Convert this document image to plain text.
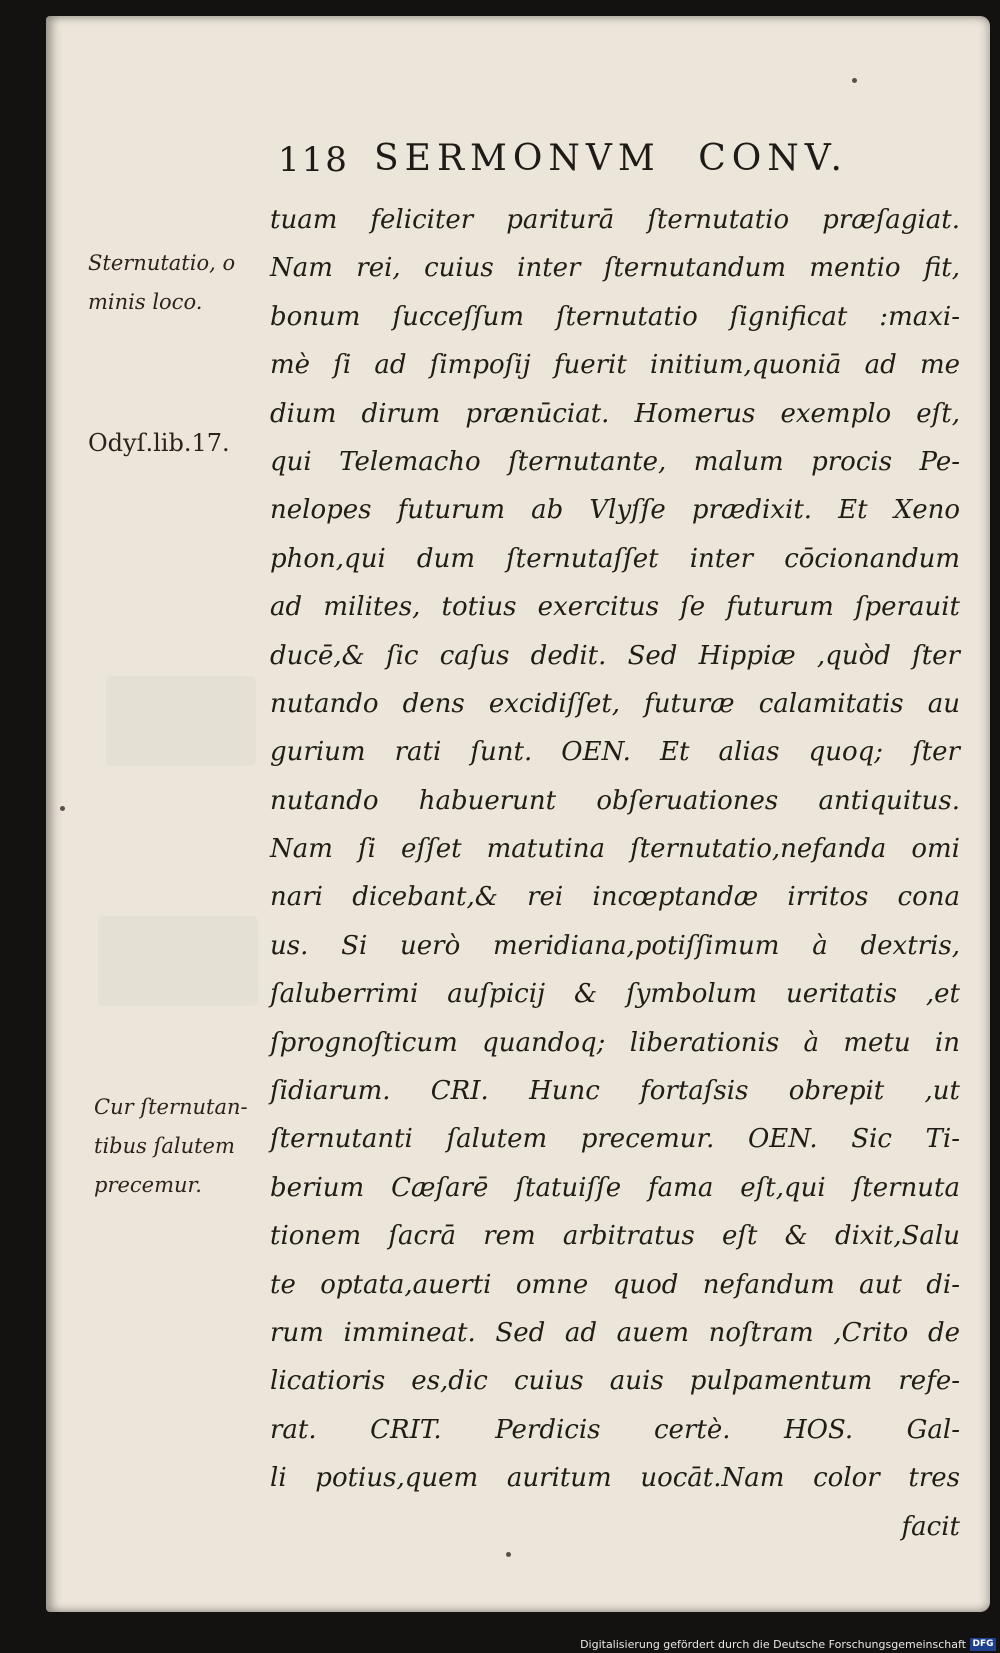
118 SERMONVM CONV.
Sternutatio, o
minis loco.
Odyſ.lib.17.
Cur ſternutan-
tibus ſalutem
precemur.
tuam feliciter pariturā ſternutatio præſagiat.
Nam rei, cuius inter ſternutandum mentio fit,
bonum ſucceſſum ſternutatio ſignificat :maxi-
mè ſi ad ſimpoſij fuerit initium,quoniā ad me
dium dirum prænūciat. Homerus exemplo eſt,
qui Telemacho ſternutante, malum procis Pe-
nelopes futurum ab Vlyſſe prædixit. Et Xeno
phon,qui dum ſternutaſſet inter cōcionandum
ad milites, totius exercitus ſe futurum ſperauit
ducē,& ſic caſus dedit. Sed Hippiæ ,quòd ſter
nutando dens excidiſſet, futuræ calamitatis au
gurium rati ſunt. OEN. Et alias quoq; ſter
nutando habuerunt obſeruationes antiquitus.
Nam ſi eſſet matutina ſternutatio,nefanda omi
nari dicebant,& rei incœptandæ irritos cona
us. Si uerò meridiana,potiſſimum à dextris,
ſaluberrimi auſpicij & ſymbolum ueritatis ,et
ſprognoſticum quandoq; liberationis à metu in
ſidiarum. CRI. Hunc fortaſsis obrepit ,ut
ſternutanti ſalutem precemur. OEN. Sic Ti-
berium Cæſarē ſtatuiſſe fama eſt,qui ſternuta
tionem ſacrā rem arbitratus eſt & dixit,Salu
te optata,auerti omne quod nefandum aut di-
rum immineat. Sed ad auem noſtram ,Crito de
licatioris es,dic cuius auis pulpamentum refe-
rat. CRIT. Perdicis certè. HOS. Gal-
li potius,quem auritum uocāt.Nam color tres
facit
Digitalisierung gefördert durch die Deutsche Forschungsgemeinschaft DFG
